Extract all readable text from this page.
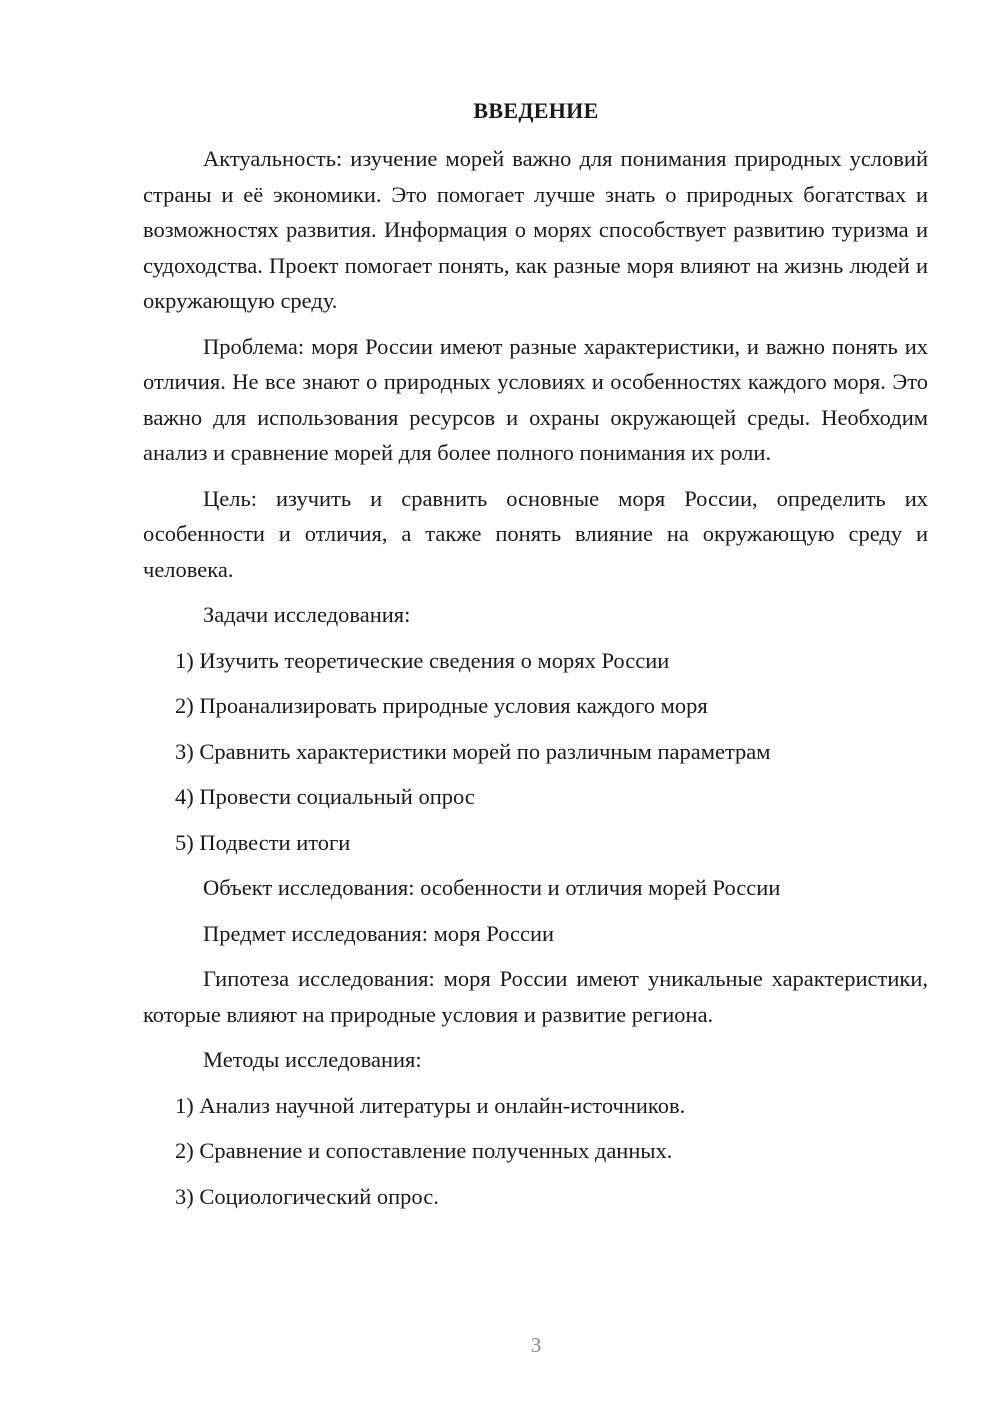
ВВЕДЕНИЕ

Актуальность: изучение морей важно для понимания природных условий страны и её экономики. Это помогает лучше знать о природных богатствах и возможностях развития. Информация о морях способствует развитию туризма и судоходства. Проект помогает понять, как разные моря влияют на жизнь людей и окружающую среду.

Проблема: моря России имеют разные характеристики, и важно понять их отличия. Не все знают о природных условиях и особенностях каждого моря. Это важно для использования ресурсов и охраны окружающей среды. Необходим анализ и сравнение морей для более полного понимания их роли.

Цель: изучить и сравнить основные моря России, определить их особенности и отличия, а также понять влияние на окружающую среду и человека.

Задачи исследования:

1) Изучить теоретические сведения о морях России

2) Проанализировать природные условия каждого моря

3) Сравнить характеристики морей по различным параметрам

4) Провести социальный опрос

5) Подвести итоги

Объект исследования: особенности и отличия морей России

Предмет исследования: моря России

Гипотеза исследования: моря России имеют уникальные характеристики, которые влияют на природные условия и развитие региона.

Методы исследования:

1) Анализ научной литературы и онлайн-источников.

2) Сравнение и сопоставление полученных данных.

3) Социологический опрос.

3
